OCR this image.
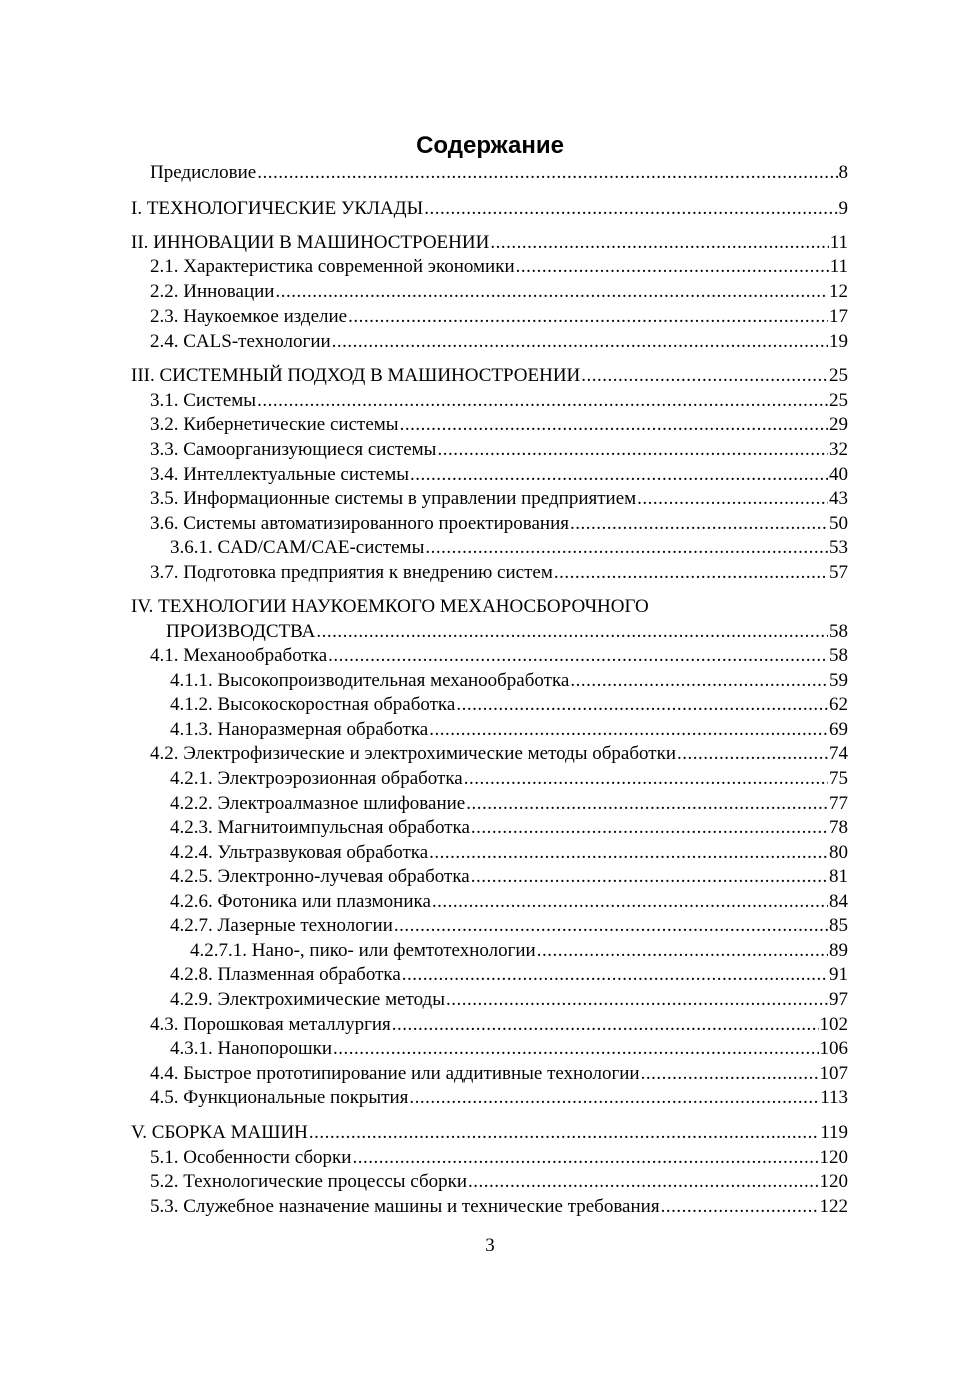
Содержание
Предисловие .....	8
I. ТЕХНОЛОГИЧЕСКИЕ УКЛАДЫ .....	9
II. ИННОВАЦИИ В МАШИНОСТРОЕНИИ .....	11
2.1. Характеристика современной экономики .....	11
2.2. Инновации .....	12
2.3. Наукоемкое изделие .....	17
2.4. CALS-технологии .....	19
III. СИСТЕМНЫЙ ПОДХОД В МАШИНОСТРОЕНИИ .....	25
3.1. Системы .....	25
3.2. Кибернетические системы .....	29
3.3. Самоорганизующиеся системы .....	32
3.4. Интеллектуальные системы .....	40
3.5. Информационные системы в управлении предприятием .....	43
3.6. Системы автоматизированного проектирования .....	50
3.6.1. CAD/CAM/CAE-системы .....	53
3.7. Подготовка предприятия к внедрению систем .....	57
IV. ТЕХНОЛОГИИ НАУКОЕМКОГО МЕХАНОСБОРОЧНОГО
ПРОИЗВОДСТВА .....	58
4.1. Механообработка .....	58
4.1.1. Высокопроизводительная механообработка .....	59
4.1.2. Высокоскоростная обработка .....	62
4.1.3. Наноразмерная обработка .....	69
4.2. Электрофизические и электрохимические методы обработки .....	74
4.2.1. Электроэрозионная обработка .....	75
4.2.2. Электроалмазное шлифование .....	77
4.2.3. Магнитоимпульсная обработка .....	78
4.2.4. Ультразвуковая обработка .....	80
4.2.5. Электронно-лучевая обработка .....	81
4.2.6. Фотоника или плазмоника .....	84
4.2.7. Лазерные технологии .....	85
4.2.7.1. Нано-, пико- или фемтотехнологии .....	89
4.2.8. Плазменная обработка .....	91
4.2.9. Электрохимические методы .....	97
4.3. Порошковая металлургия .....	102
4.3.1. Нанопорошки .....	106
4.4. Быстрое прототипирование или аддитивные технологии .....	107
4.5. Функциональные покрытия .....	113
V. СБОРКА МАШИН .....	119
5.1. Особенности сборки .....	120
5.2. Технологические процессы сборки .....	120
5.3. Служебное назначение машины и технические требования .....	122
3
